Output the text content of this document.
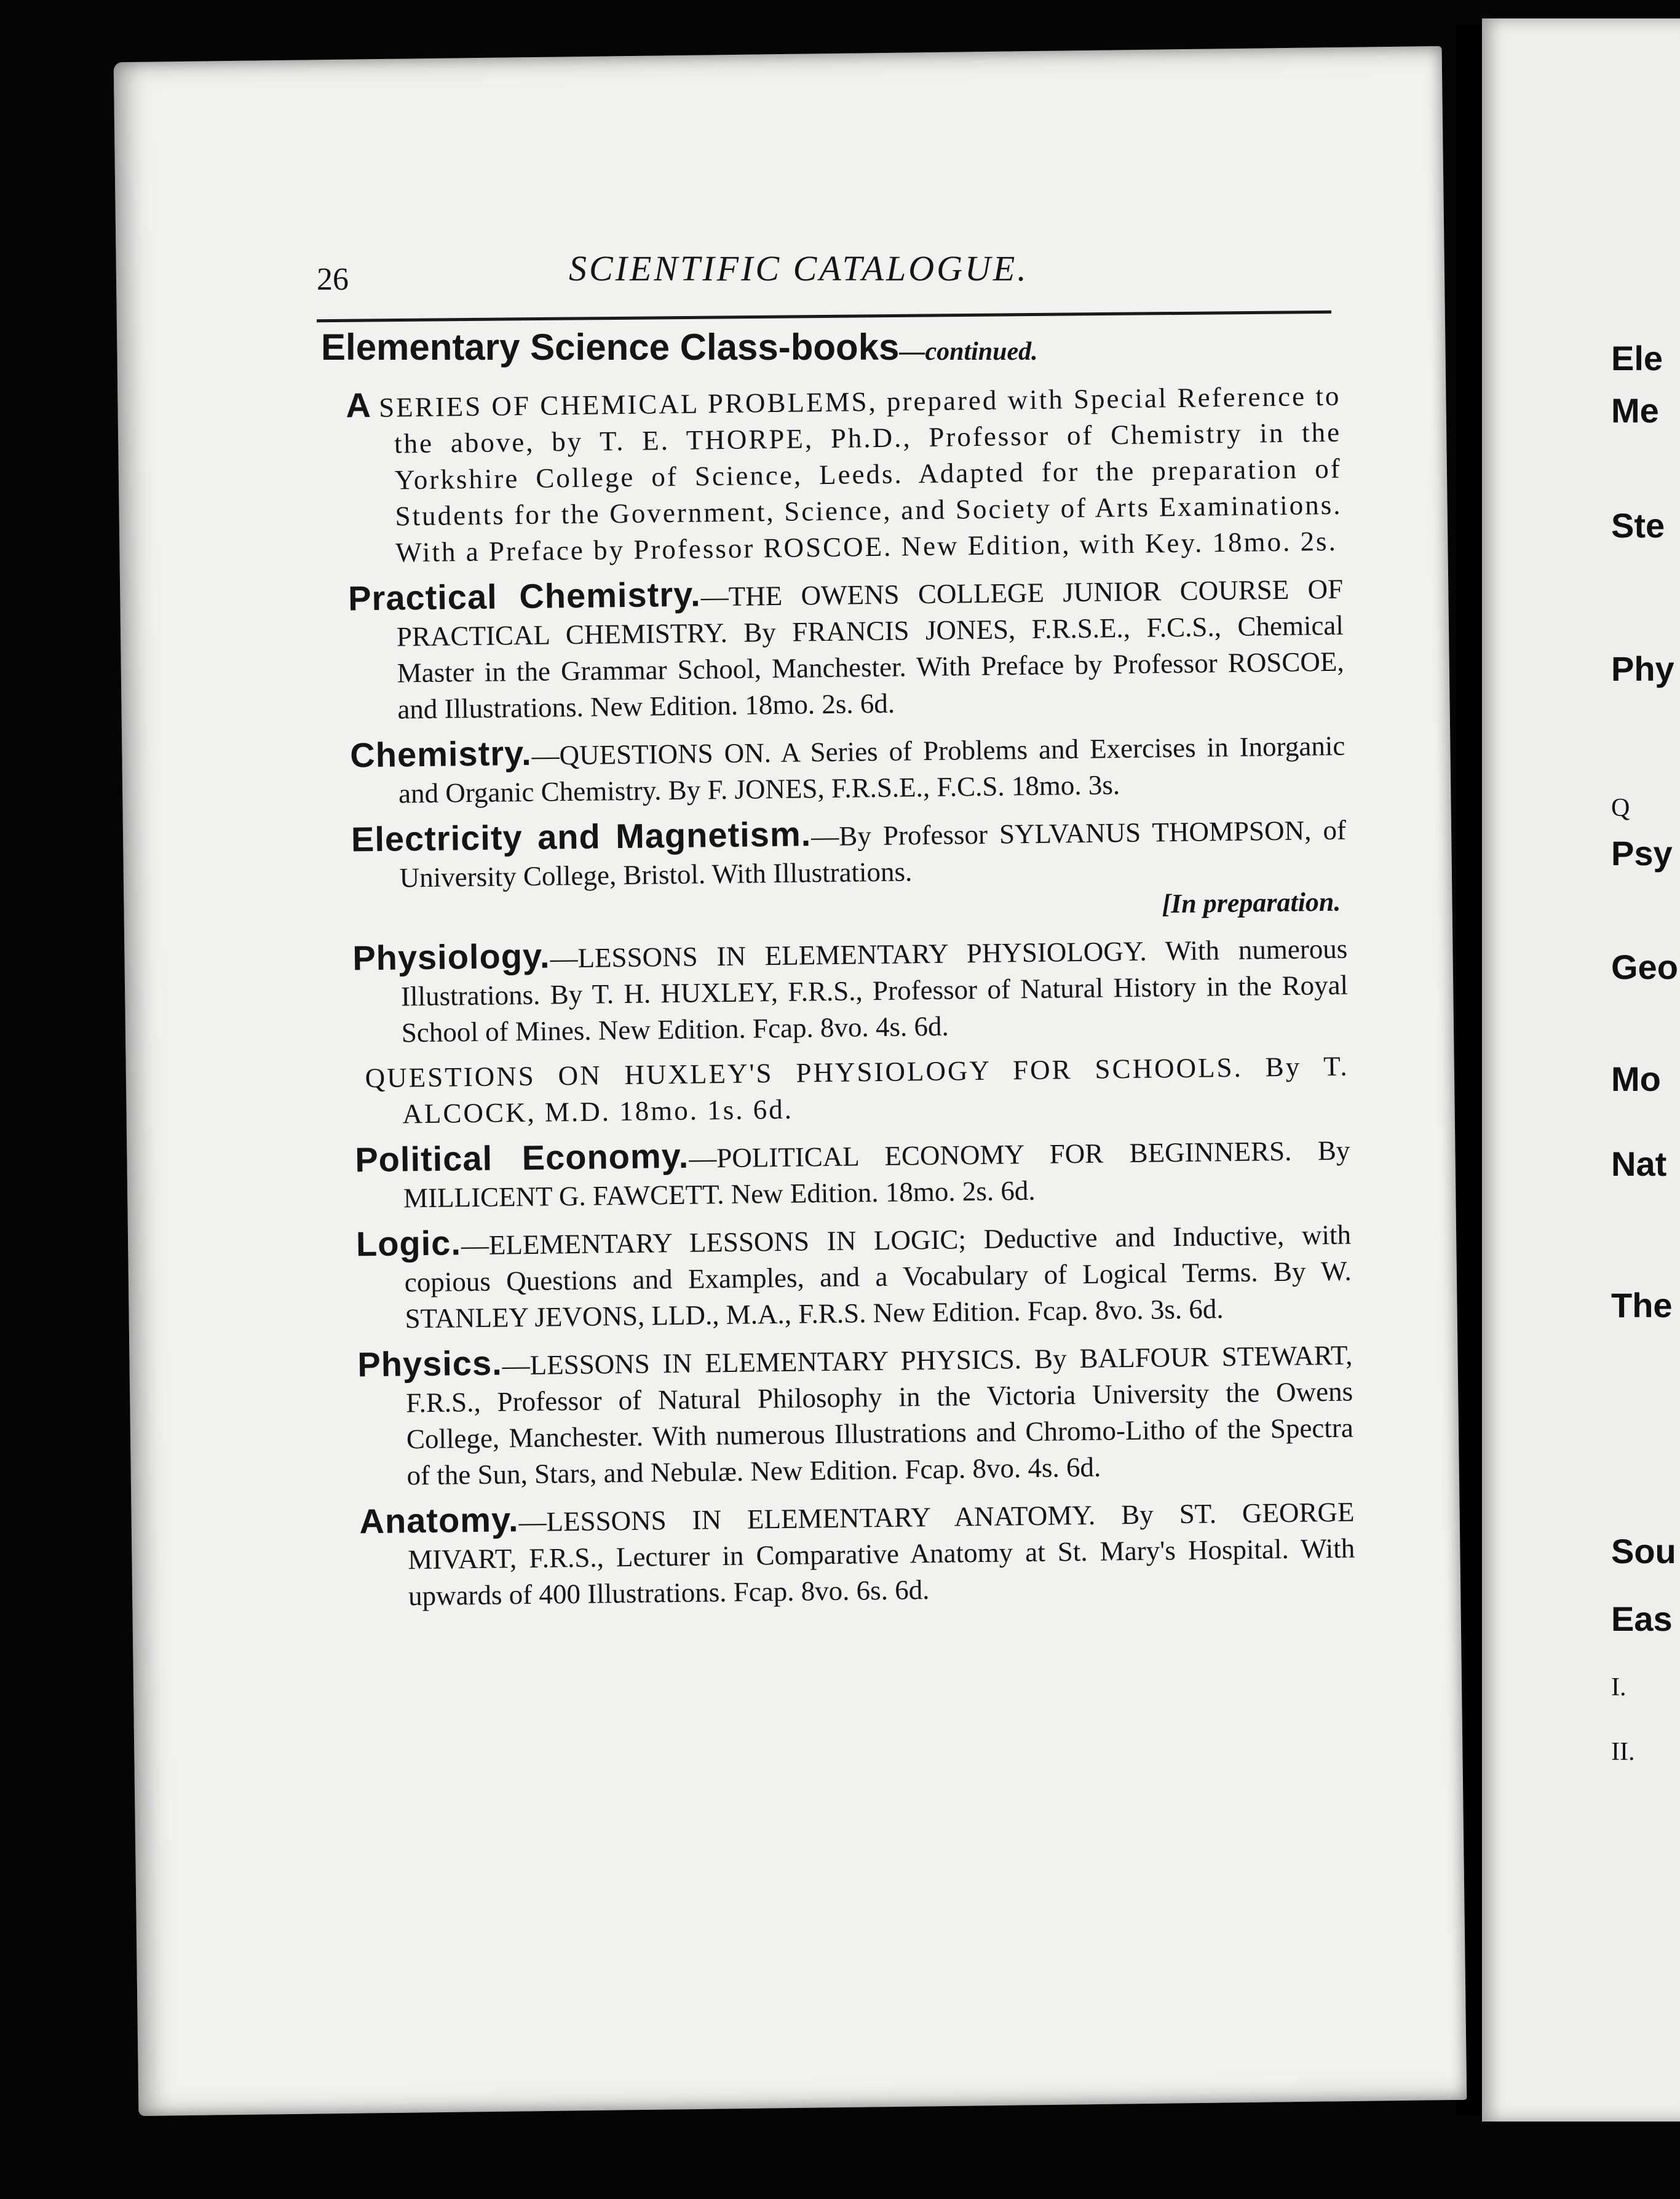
Ele
Me
Ste
Phy
Q
Psy
Geo
Mo
Nat
The
Sou
Eas
I.
II.
26	SCIENTIFIC CATALOGUE.
Elementary Science Class-books—continued.

A SERIES OF CHEMICAL PROBLEMS, prepared with Special Reference to the above, by T. E. THORPE, Ph.D., Professor of Chemistry in the Yorkshire College of Science, Leeds. Adapted for the preparation of Students for the Government, Science, and Society of Arts Examinations. With a Preface by Professor ROSCOE. New Edition, with Key. 18mo. 2s.

Practical Chemistry.—THE OWENS COLLEGE JUNIOR COURSE OF PRACTICAL CHEMISTRY. By FRANCIS JONES, F.R.S.E., F.C.S., Chemical Master in the Grammar School, Manchester. With Preface by Professor ROSCOE, and Illustrations. New Edition. 18mo. 2s. 6d.

Chemistry.—QUESTIONS ON. A Series of Problems and Exercises in Inorganic and Organic Chemistry. By F. JONES, F.R.S.E., F.C.S. 18mo. 3s.

Electricity and Magnetism.—By Professor SYLVANUS THOMPSON, of University College, Bristol. With Illustrations.

[In preparation.

Physiology.—LESSONS IN ELEMENTARY PHYSIOLOGY. With numerous Illustrations. By T. H. HUXLEY, F.R.S., Professor of Natural History in the Royal School of Mines. New Edition. Fcap. 8vo. 4s. 6d.

QUESTIONS ON HUXLEY'S PHYSIOLOGY FOR SCHOOLS. By T. ALCOCK, M.D. 18mo. 1s. 6d.

Political Economy.—POLITICAL ECONOMY FOR BEGINNERS. By MILLICENT G. FAWCETT. New Edition. 18mo. 2s. 6d.

Logic.—ELEMENTARY LESSONS IN LOGIC; Deductive and Inductive, with copious Questions and Examples, and a Vocabulary of Logical Terms. By W. STANLEY JEVONS, LLD., M.A., F.R.S. New Edition. Fcap. 8vo. 3s. 6d.

Physics.—LESSONS IN ELEMENTARY PHYSICS. By BALFOUR STEWART, F.R.S., Professor of Natural Philosophy in the Victoria University the Owens College, Manchester. With numerous Illustrations and Chromo-Litho of the Spectra of the Sun, Stars, and Nebulæ. New Edition. Fcap. 8vo. 4s. 6d.

Anatomy.—LESSONS IN ELEMENTARY ANATOMY. By ST. GEORGE MIVART, F.R.S., Lecturer in Comparative Anatomy at St. Mary's Hospital. With upwards of 400 Illustrations. Fcap. 8vo. 6s. 6d.
